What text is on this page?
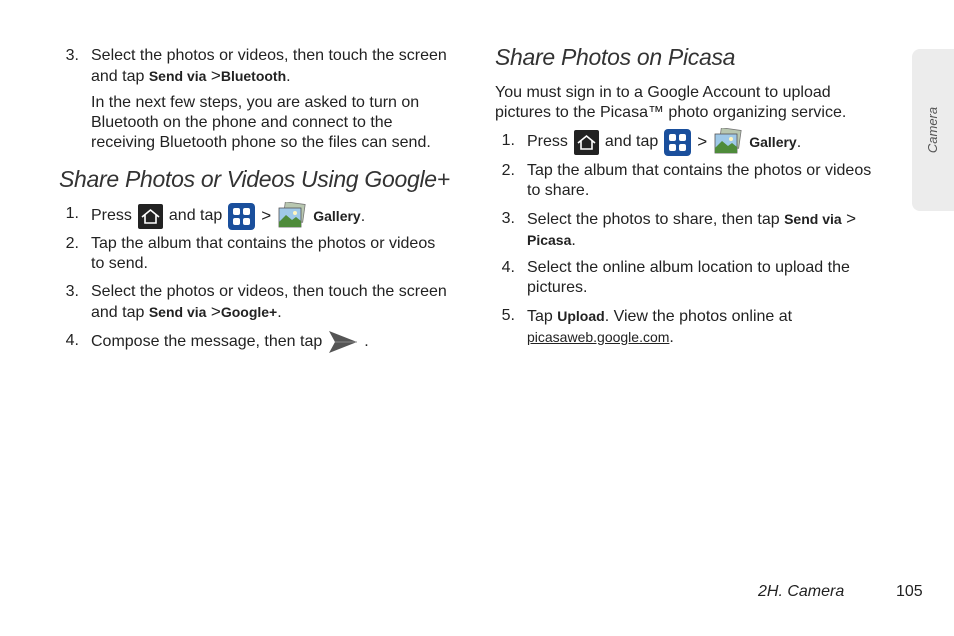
3. Select the photos or videos, then touch the screen
and tap Send via >Bluetooth.
In the next few steps, you are asked to turn on
Bluetooth on the phone and connect to the
receiving Bluetooth phone so the files can send.
Share Photos or Videos Using Google+
1. Press and tap >	Gallery.
2. Tap the album that contains the photos or videos
to send.
3. Select the photos or videos, then touch the screen
and tap Send via >Google+.
4. Compose the message, then tap	.
Share Photos on Picasa
You must sign in to a Google Account to upload
pictures to the Picasa™ photo organizing service.
1. Press and tap >	Gallery.
2. Tap the album that contains the photos or videos
to share.
3. Select the photos to share, then tap Send via >
Picasa.
4. Select the online album location to upload the
pictures.
5. Tap Upload. View the photos online at
picasaweb.google.com.
Camera
2H. Camera	105
